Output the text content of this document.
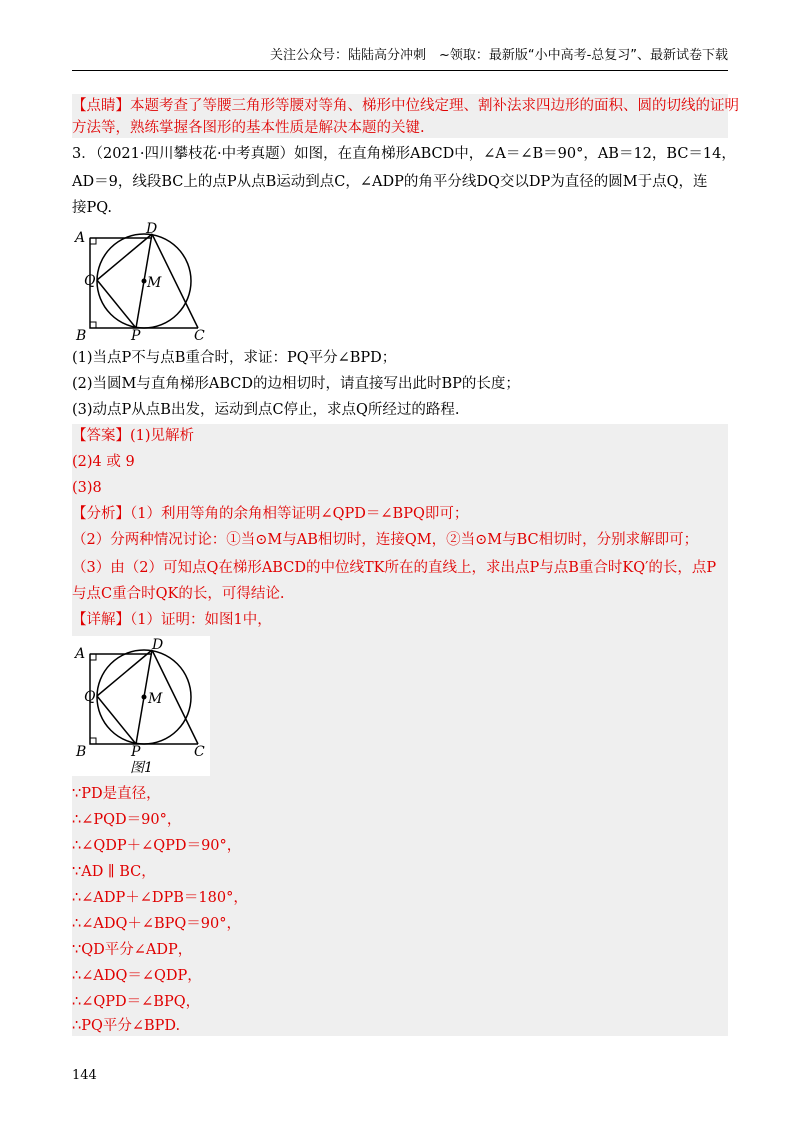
关注公众号：陆陆高分冲刺　~领取：最新版“小中高考-总复习”、最新试卷下载
【点睛】本题考查了等腰三角形等腰对等角、梯形中位线定理、割补法求四边形的面积、圆的切线的证明
方法等，熟练掌握各图形的基本性质是解决本题的关键.
3．（2021·四川攀枝花·中考真题）如图，在直角梯形ABCD中，∠A＝∠B＝90°，AB＝12，BC＝14，
AD＝9，线段BC上的点P从点B运动到点C，∠ADP的角平分线DQ交以DP为直径的圆M于点Q，连
接PQ.
A
D
Q	M
B	P	C
(1)当点P不与点B重合时，求证：PQ平分∠BPD；
(2)当圆M与直角梯形ABCD的边相切时，请直接写出此时BP的长度；
(3)动点P从点B出发，运动到点C停止，求点Q所经过的路程.
【答案】(1)见解析
(2)4 或 9
(3)8
【分析】（1）利用等角的余角相等证明∠QPD＝∠BPQ即可；
（2）分两种情况讨论：①当⊙M与AB相切时，连接QM，②当⊙M与BC相切时，分别求解即可；
（3）由（2）可知点Q在梯形ABCD的中位线TK所在的直线上，求出点P与点B重合时KQ′的长，点P
与点C重合时QK的长，可得结论.
【详解】（1）证明：如图1中，
A
D
Q	M
B	P	C
图1
∵PD是直径，
∴∠PQD＝90°，
∴∠QDP＋∠QPD＝90°，
∵AD ∥ BC，
∴∠ADP＋∠DPB＝180°，
∴∠ADQ＋∠BPQ＝90°，
∵QD平分∠ADP，
∴∠ADQ＝∠QDP，
∴∠QPD＝∠BPQ，
∴PQ平分∠BPD.
144
